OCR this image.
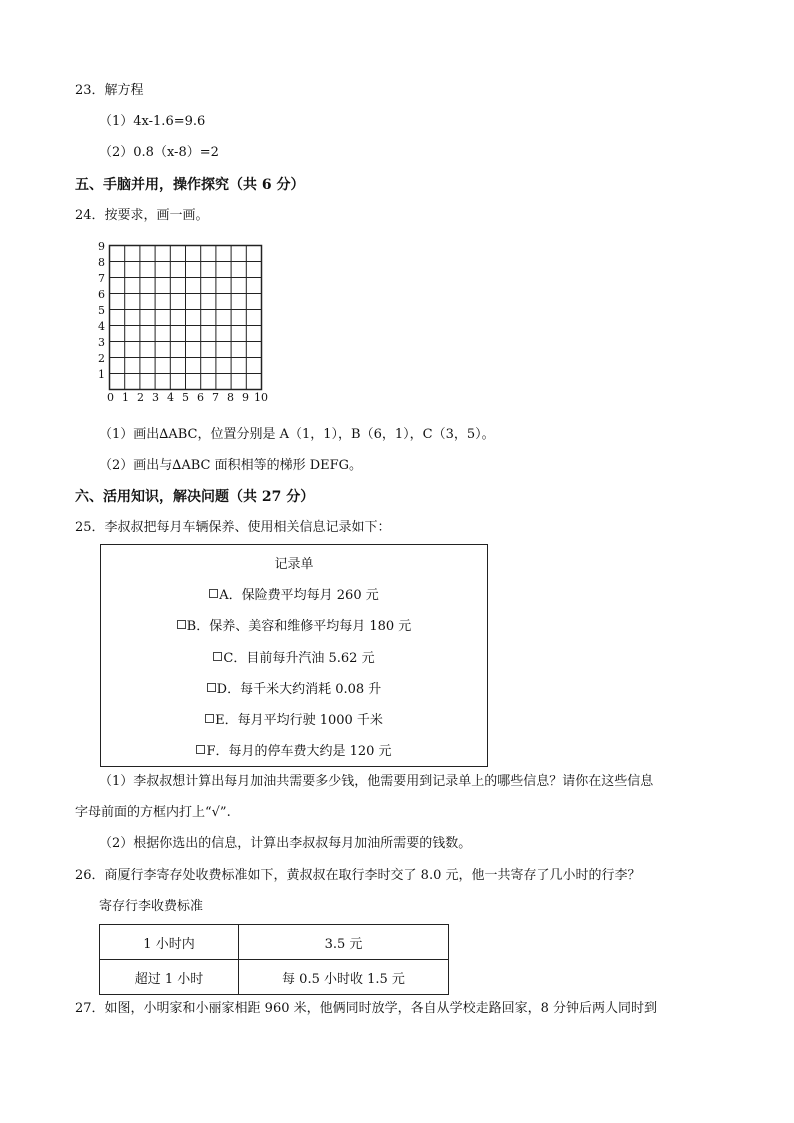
23．解方程
（1）4x-1.6=9.6
（2）0.8（x-8）=2
五、手脑并用，操作探究（共 6 分）
24．按要求，画一画。
9
8
7
6
5
4
3
2
1
0 1 2 3 4 5 6 7 8 9 10
（1）画出∆ABC，位置分别是 A（1，1），B（6，1），C（3，5）。
（2）画出与∆ABC 面积相等的梯形 DEFG。
六、活用知识，解决问题（共 27 分）
25．李叔叔把每月车辆保养、使用相关信息记录如下：
记录单
A．保险费平均每月 260 元
B．保养、美容和维修平均每月 180 元
C．目前每升汽油 5.62 元
D．每千米大约消耗 0.08 升
E．每月平均行驶 1000 千米
F．每月的停车费大约是 120 元
（1）李叔叔想计算出每月加油共需要多少钱，他需要用到记录单上的哪些信息？请你在这些信息
字母前面的方框内打上“√”.
（2）根据你选出的信息，计算出李叔叔每月加油所需要的钱数。
26．商厦行李寄存处收费标准如下，黄叔叔在取行李时交了 8.0 元，他一共寄存了几小时的行李？
寄存行李收费标准
1 小时内	3.5 元
超过 1 小时	每 0.5 小时收 1.5 元
27．如图，小明家和小丽家相距 960 米，他俩同时放学，各自从学校走路回家，8 分钟后两人同时到
